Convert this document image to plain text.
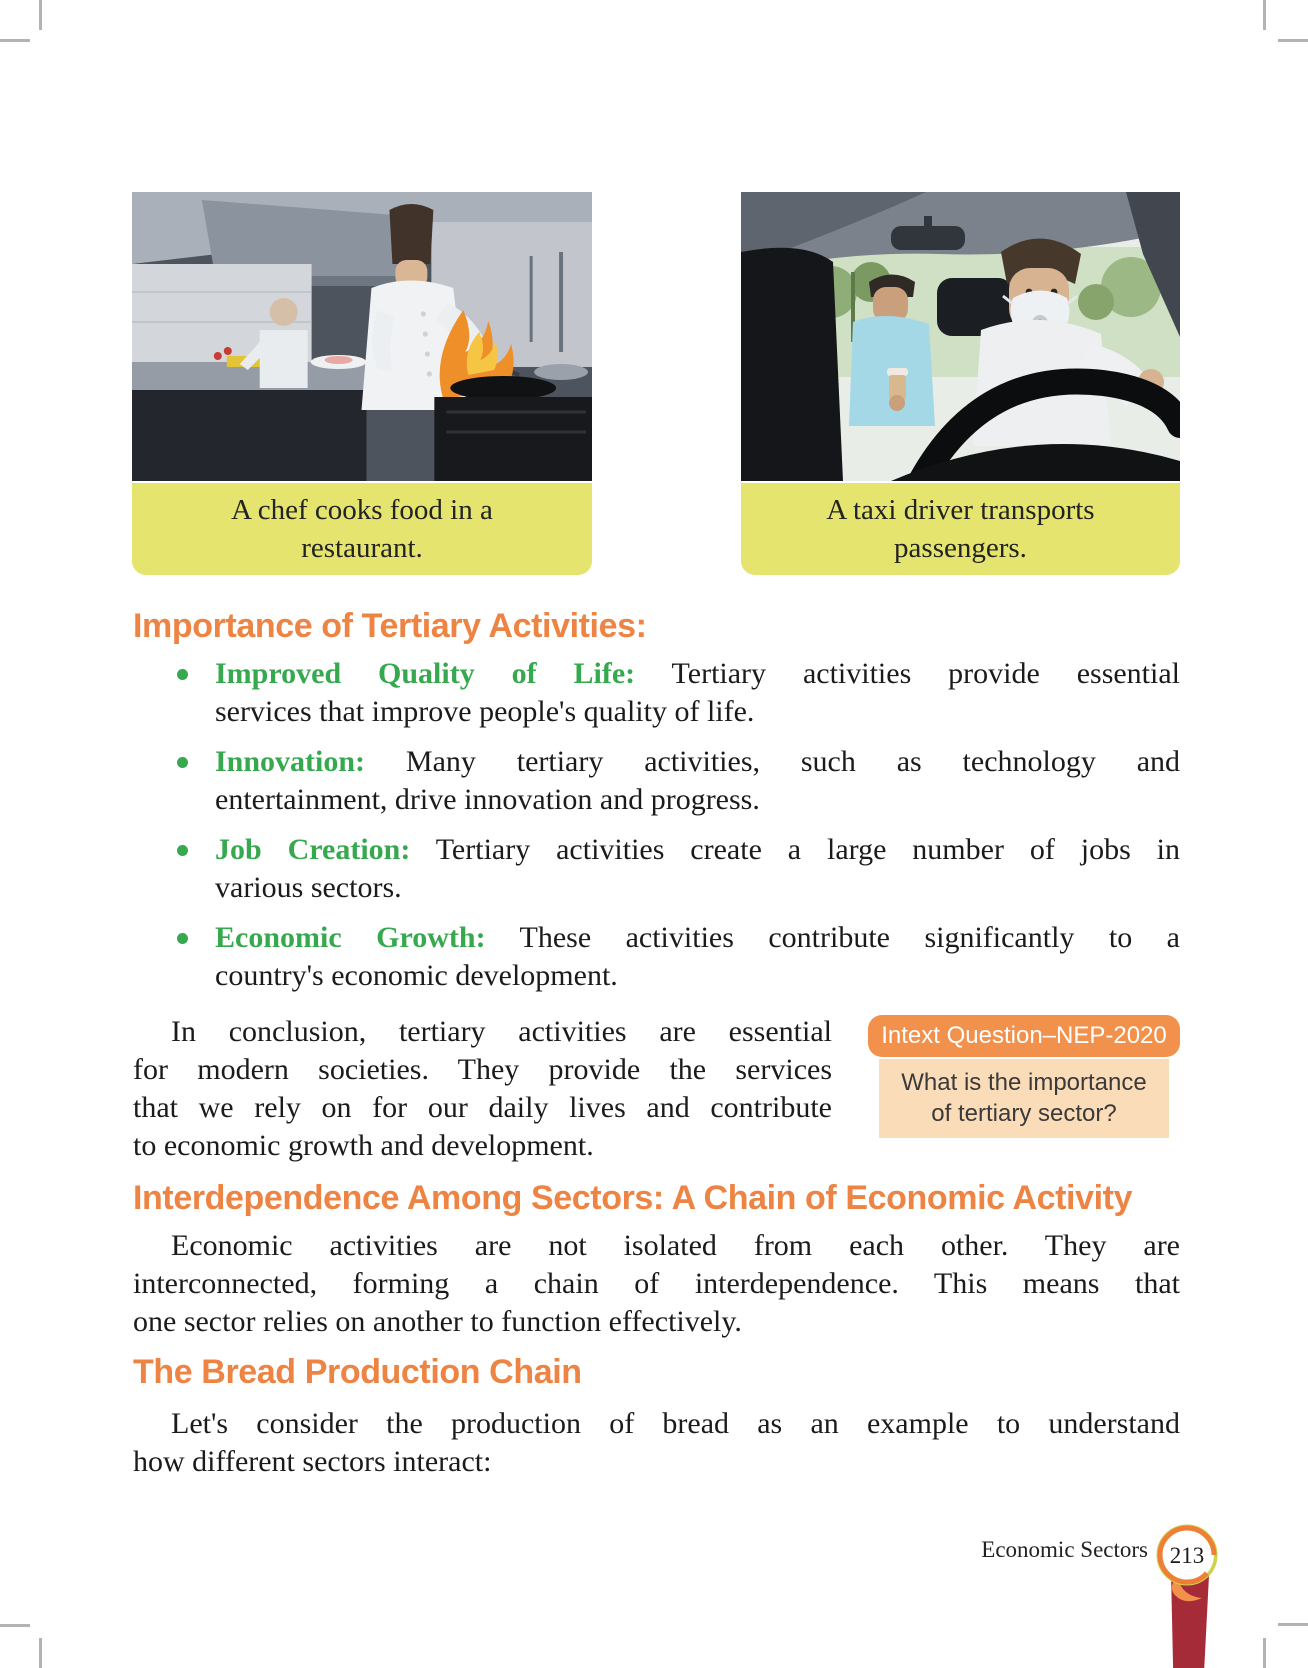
A chef cooks food in a
restaurant.
A taxi driver transports
passengers.
Importance of Tertiary Activities:
Improved Quality of Life: Tertiary activities provide essential
services that improve people's quality of life.
Innovation: Many tertiary activities, such as technology and
entertainment, drive innovation and progress.
Job Creation: Tertiary activities create a large number of jobs in
various sectors.
Economic Growth: These activities contribute significantly to a
country's economic development.
Intext Question–NEP-2020
What is the importance
of tertiary sector?
In conclusion, tertiary activities are essential
for modern societies. They provide the services
that we rely on for our daily lives and contribute
to economic growth and development.
Interdependence Among Sectors: A Chain of Economic Activity
Economic activities are not isolated from each other. They are
interconnected, forming a chain of interdependence. This means that
one sector relies on another to function effectively.
The Bread Production Chain
Let's consider the production of bread as an example to understand
how different sectors interact:
Economic Sectors 213
